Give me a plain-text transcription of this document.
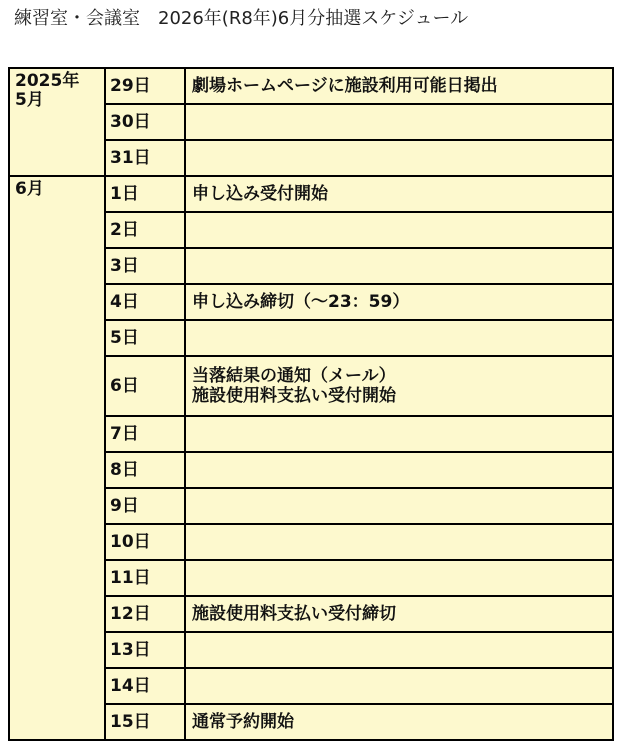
練習室・会議室　2026年(R8年)6月分抽選スケジュール
2025年
5月	29日	劇場ホームページに施設利用可能日掲出
	30日	
	31日	
6月	1日	申し込み受付開始
	2日	
	3日	
	4日	申し込み締切（～23：59）
	5日	
	6日	当落結果の通知（メール）
施設使用料支払い受付開始
	7日	
	8日	
	9日	
	10日	
	11日	
	12日	施設使用料支払い受付締切
	13日	
	14日	
	15日	通常予約開始
